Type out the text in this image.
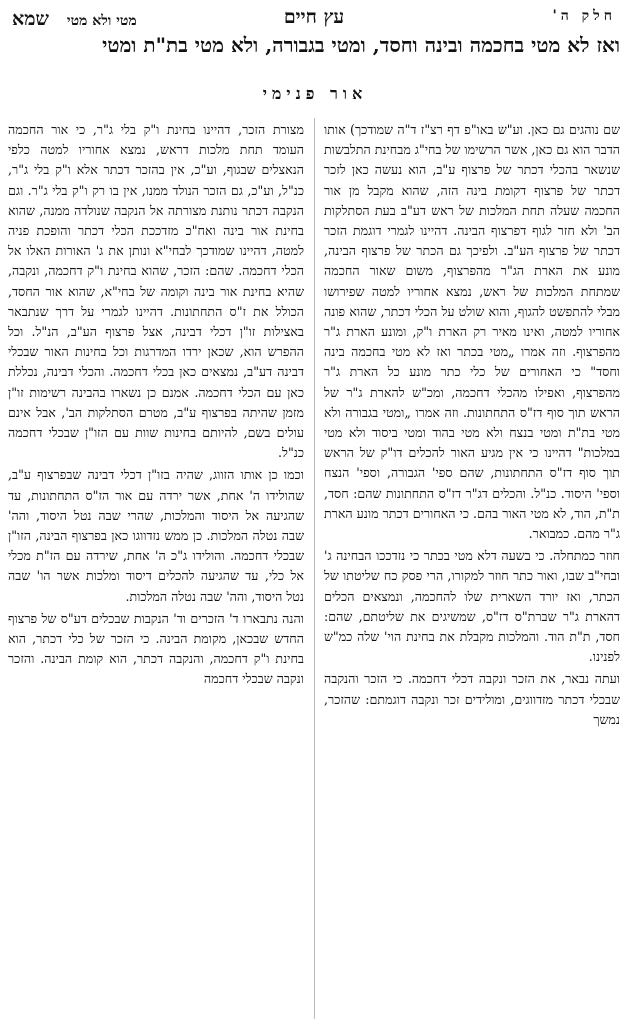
חלק ה'
עץ חיים
מטי ולא מטי
שמא
ואז לא מטי בחכמה ובינה וחסד, ומטי בגבורה, ולא מטי בת"ת ומטי
אור פנימי

שם נוהגים גם כאן. וע"ש באו"פ דף רצ"ז ד"ה שמודכך) אותו הדבר הוא גם כאן, אשר הרשימו של בחי"ג מבחינת התלבשות שנשאר בהכלי דכתר של פרצוף ע"ב, הוא נעשה כאן לזכר דכתר של פרצוף דקומת בינה הזה, שהוא מקבל מן אור החכמה שעלה תחת המלכות של ראש דע"ב בעת הסתלקות הב' ולא חזר לגוף דפרצוף הבינה. דהיינו לגמרי דוגמת הזכר דכתר של פרצוף הע"ב. ולפיכך גם הכתר של פרצוף הבינה, מונע את הארת הג"ר מהפרצוף, משום שאור החכמה שמתחת המלכות של ראש, נמצא אחוריו למטה שפירושו מבלי להתפשט להגוף, והוא שולט על הכלי דכתר, שהוא פונה אחוריו למטה, ואינו מאיר רק הארת ו"ק, ומונע הארת ג"ר מהפרצוף. וזה אמרו „מטי בכתר ואז לא מטי בחכמה בינה וחסד" כי האחורים של כלי כתר מונע כל הארת ג"ר מהפרצוף, ואפילו מהכלי דחכמה, ומכ"ש להארת ג"ר של הראש תוך סוף דז"ס התחתונות. וזה אמרו „ומטי בגבורה ולא מטי בת"ת ומטי בנצח ולא מטי בהוד ומטי ביסוד ולא מטי במלכות" דהיינו כי אין מגיע האור להכלים דו"ק של הראש תוך סוף דז"ס התחתונות, שהם ספי' הגבורה, וספי' הנצח וספי' היסוד. כנ"ל. והכלים דג"ר דז"ס התחתונות שהם: חסד, ת"ת, הוד, לא מטי האור בהם. כי האחורים דכתר מונע הארת ג"ר מהם. כמבואר.

חוזר כמתחלה. כי בשעה דלא מטי בכתר כי נזדככו הבחינה ג' ובחי"ב שבו, ואור כתר חוזר למקורו, הרי פסק כח שליטתו של הכתר, ואז יורד השארית שלו להחכמה, ונמצאים הכלים דהארת ג"ר שברת"ס דז"ס, שמשיגים את שליטתם, שהם: חסד, ת"ת הוד. והמלכות מקבלת את בחינת הוי' שלה כמ"ש לפנינו.

ועתה נבאר, את הזכר ונקבה דכלי דחכמה. כי הזכר והנקבה שבכלי דכתר מזדווגים, ומולידים זכר ונקבה דוגמתם: שהזכר, נמשך

מצורת הזכר, דהיינו בחינת ו"ק בלי ג"ר, כי אור החכמה העומד תחת מלכות דראש, נמצא אחוריו למטה כלפי הנאצלים שבגוף, וע"כ, אין בהזכר דכתר אלא ו"ק בלי ג"ר, כנ"ל, וע"כ, גם הזכר הנולד ממנו, אין בו רק ו"ק בלי ג"ר. וגם הנקבה דכתר נותנת מצורתה אל הנקבה שנולדה ממנה, שהוא בחינת אור בינה ואח"כ מזדככת הכלי דכתר והופכת פניה למטה, דהיינו שמודכך לבחי"א ונותן את ג' האורות האלו אל הכלי דחכמה. שהם: הזכר, שהוא בחינת ו"ק דחכמה, ונקבה, שהיא בחינת אור בינה וקומה של בחי"א, שהוא אור החסד, הכולל את ז"ס התחתונות. דהיינו לגמרי על דרך שנתבאר באצילות זו"ן דכלי דבינה, אצל פרצוף הע"ב, הנ"ל. וכל ההפרש הוא, שכאן ירדו המדרגות וכל בחינות האור שבכלי דבינה דע"ב, נמצאים כאן בכלי דחכמה. והכלי דבינה, נכללת כאן עם הכלי דחכמה. אמנם כן נשארו בהבינה רשימות זו"ן מזמן שהיתה בפרצוף ע"ב, מטרם הסתלקות הב', אבל אינם עולים בשם, להיותם בחינות שוות עם הזו"ן שבכלי דחכמה כנ"ל.

וכמו כן אותו הזווג, שהיה בזו"ן דכלי דבינה שבפרצוף ע"ב, שהולידו ה' אחת, אשר ירדה עם אור הז"ס התחתונות, עד שהגיעה אל היסוד והמלכות, שהרי שבה נטל היסוד, והה' שבה נטלה המלכות. כן ממש נזדווגו כאן בפרצוף הבינה, הזו"ן שבכלי דחכמה. והולידו ג"כ ה' אחת, שירדה עם הז"ת מכלי אל כלי, עד שהגיעה להכלים דיסוד ומלכות אשר הו' שבה נטל היסוד, והה' שבה נטלה המלכות.

והנה נתבארו ד' הזכרים וד' הנקבות שבכלים דע"ס של פרצוף החדש שבכאן, מקומת הבינה. כי הזכר של כלי דכתר, הוא בחינת ו"ק דחכמה, והנקבה דכתר, הוא קומת הבינה. והזכר ונקבה שבכלי דחכמה
